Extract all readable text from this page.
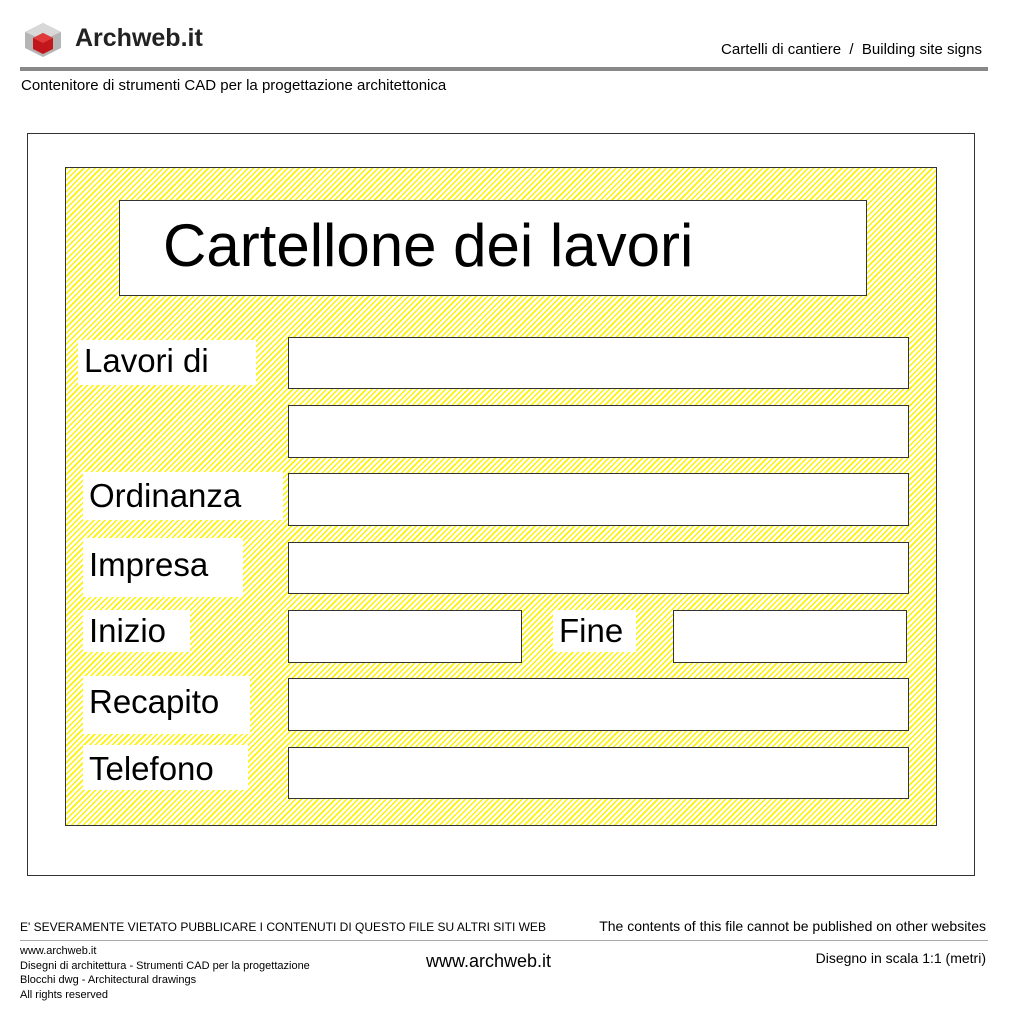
Archweb.it	Cartelli di cantiere  /  Building site signs
Contenitore di strumenti CAD per la progettazione architettonica
Cartellone dei lavori
Lavori di
Ordinanza
Impresa
Inizio	Fine
Recapito
Telefono
E' SEVERAMENTE VIETATO PUBBLICARE I CONTENUTI DI QUESTO FILE SU ALTRI SITI WEB	The contents of this file cannot be published on other websites
www.archweb.it
Disegni di architettura - Strumenti CAD per la progettazione
Blocchi dwg - Architectural drawings
All rights reserved
www.archweb.it	Disegno in scala 1:1 (metri)
